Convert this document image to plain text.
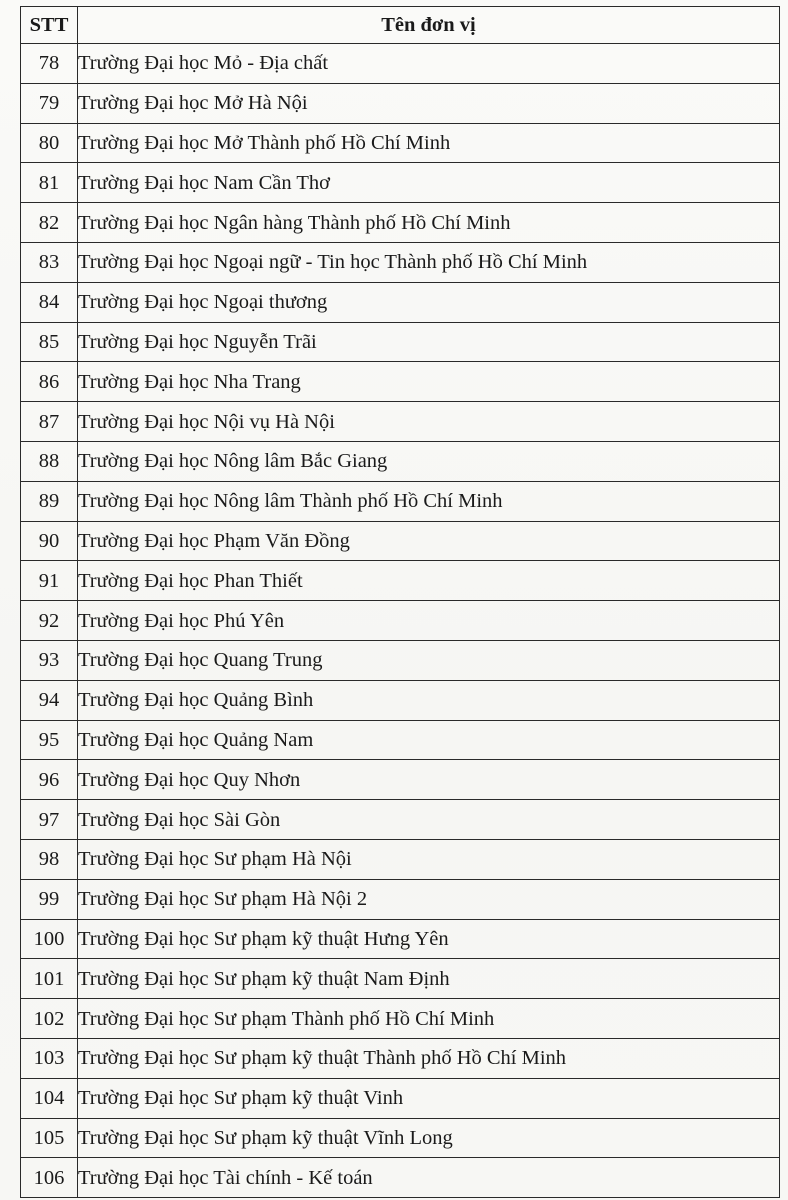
STT	Tên đơn vị
78	Trường Đại học Mỏ - Địa chất
79	Trường Đại học Mở Hà Nội
80	Trường Đại học Mở Thành phố Hồ Chí Minh
81	Trường Đại học Nam Cần Thơ
82	Trường Đại học Ngân hàng Thành phố Hồ Chí Minh
83	Trường Đại học Ngoại ngữ - Tin học Thành phố Hồ Chí Minh
84	Trường Đại học Ngoại thương
85	Trường Đại học Nguyễn Trãi
86	Trường Đại học Nha Trang
87	Trường Đại học Nội vụ Hà Nội
88	Trường Đại học Nông lâm Bắc Giang
89	Trường Đại học Nông lâm Thành phố Hồ Chí Minh
90	Trường Đại học Phạm Văn Đồng
91	Trường Đại học Phan Thiết
92	Trường Đại học Phú Yên
93	Trường Đại học Quang Trung
94	Trường Đại học Quảng Bình
95	Trường Đại học Quảng Nam
96	Trường Đại học Quy Nhơn
97	Trường Đại học Sài Gòn
98	Trường Đại học Sư phạm Hà Nội
99	Trường Đại học Sư phạm Hà Nội 2
100	Trường Đại học Sư phạm kỹ thuật Hưng Yên
101	Trường Đại học Sư phạm kỹ thuật Nam Định
102	Trường Đại học Sư phạm Thành phố Hồ Chí Minh
103	Trường Đại học Sư phạm kỹ thuật Thành phố Hồ Chí Minh
104	Trường Đại học Sư phạm kỹ thuật Vinh
105	Trường Đại học Sư phạm kỹ thuật Vĩnh Long
106	Trường Đại học Tài chính - Kế toán
